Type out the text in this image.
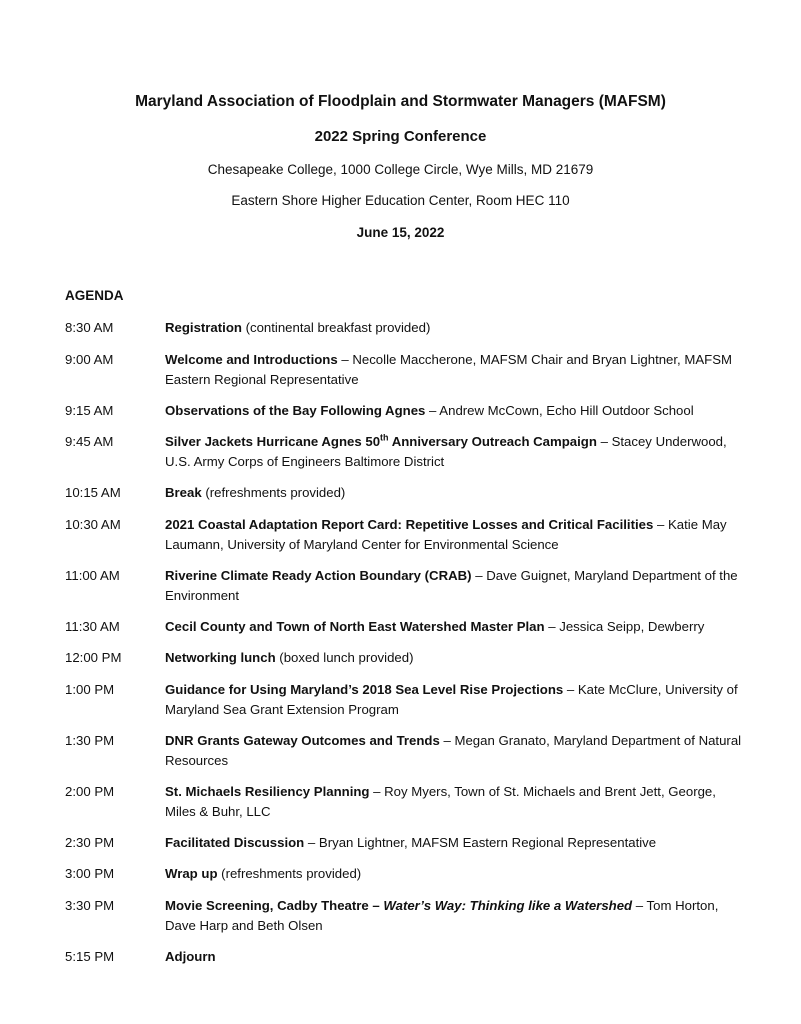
Maryland Association of Floodplain and Stormwater Managers (MAFSM)
2022 Spring Conference
Chesapeake College, 1000 College Circle, Wye Mills, MD 21679
Eastern Shore Higher Education Center, Room HEC 110
June 15, 2022
AGENDA
8:30 AM	Registration (continental breakfast provided)
9:00 AM	Welcome and Introductions – Necolle Maccherone, MAFSM Chair and Bryan Lightner, MAFSM Eastern Regional Representative
9:15 AM	Observations of the Bay Following Agnes – Andrew McCown, Echo Hill Outdoor School
9:45 AM	Silver Jackets Hurricane Agnes 50th Anniversary Outreach Campaign – Stacey Underwood, U.S. Army Corps of Engineers Baltimore District
10:15 AM	Break (refreshments provided)
10:30 AM	2021 Coastal Adaptation Report Card: Repetitive Losses and Critical Facilities – Katie May Laumann, University of Maryland Center for Environmental Science
11:00 AM	Riverine Climate Ready Action Boundary (CRAB) – Dave Guignet, Maryland Department of the Environment
11:30 AM	Cecil County and Town of North East Watershed Master Plan – Jessica Seipp, Dewberry
12:00 PM	Networking lunch (boxed lunch provided)
1:00 PM	Guidance for Using Maryland’s 2018 Sea Level Rise Projections – Kate McClure, University of Maryland Sea Grant Extension Program
1:30 PM	DNR Grants Gateway Outcomes and Trends – Megan Granato, Maryland Department of Natural Resources
2:00 PM	St. Michaels Resiliency Planning – Roy Myers, Town of St. Michaels and Brent Jett, George, Miles & Buhr, LLC
2:30 PM	Facilitated Discussion – Bryan Lightner, MAFSM Eastern Regional Representative
3:00 PM	Wrap up (refreshments provided)
3:30 PM	Movie Screening, Cadby Theatre – Water’s Way: Thinking like a Watershed – Tom Horton, Dave Harp and Beth Olsen
5:15 PM	Adjourn
